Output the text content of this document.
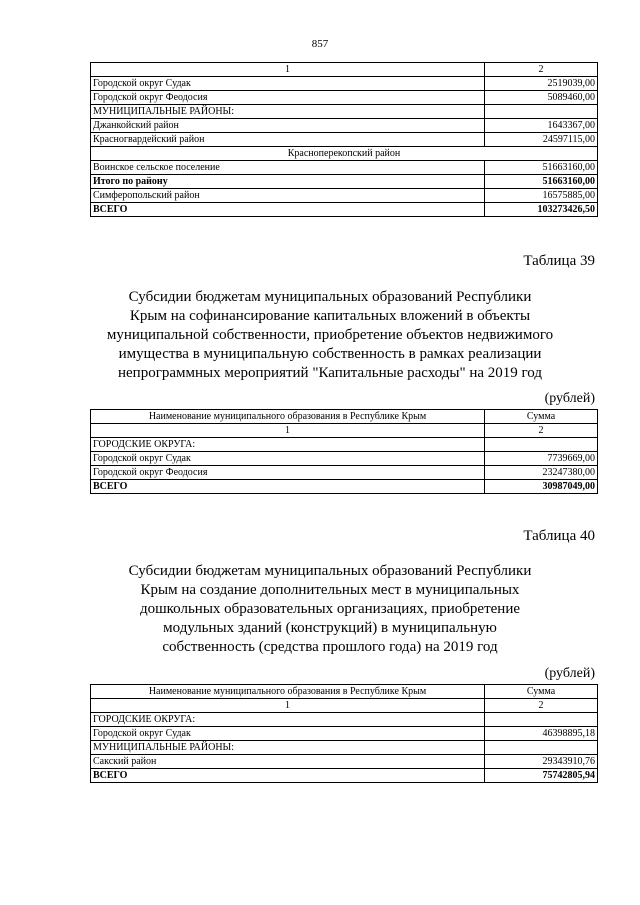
857
1	2
Городской округ Судак	2519039,00
Городской округ Феодосия	5089460,00
МУНИЦИПАЛЬНЫЕ РАЙОНЫ:	
Джанкойский район	1643367,00
Красногвардейский район	24597115,00
Красноперекопский район	
Воинское сельское поселение	51663160,00
Итого по району	51663160,00
Симферопольский район	16575885,00
ВСЕГО	103273426,50
Таблица 39
Субсидии бюджетам муниципальных образований Республики
Крым на софинансирование капитальных вложений в объекты
муниципальной собственности, приобретение объектов недвижимого
имущества в муниципальную собственность в рамках реализации
непрограммных мероприятий "Капитальные расходы" на 2019 год
(рублей)
Наименование муниципального образования в Республике Крым	Сумма
1	2
ГОРОДСКИЕ ОКРУГА:	
Городской округ Судак	7739669,00
Городской округ Феодосия	23247380,00
ВСЕГО	30987049,00
Таблица 40
Субсидии бюджетам муниципальных образований Республики
Крым на создание дополнительных мест в муниципальных
дошкольных образовательных организациях, приобретение
модульных зданий (конструкций) в муниципальную
собственность (средства прошлого года) на 2019 год
(рублей)
Наименование муниципального образования в Республике Крым	Сумма
1	2
ГОРОДСКИЕ ОКРУГА:	
Городской округ Судак	46398895,18
МУНИЦИПАЛЬНЫЕ РАЙОНЫ:	
Сакский район	29343910,76
ВСЕГО	75742805,94
